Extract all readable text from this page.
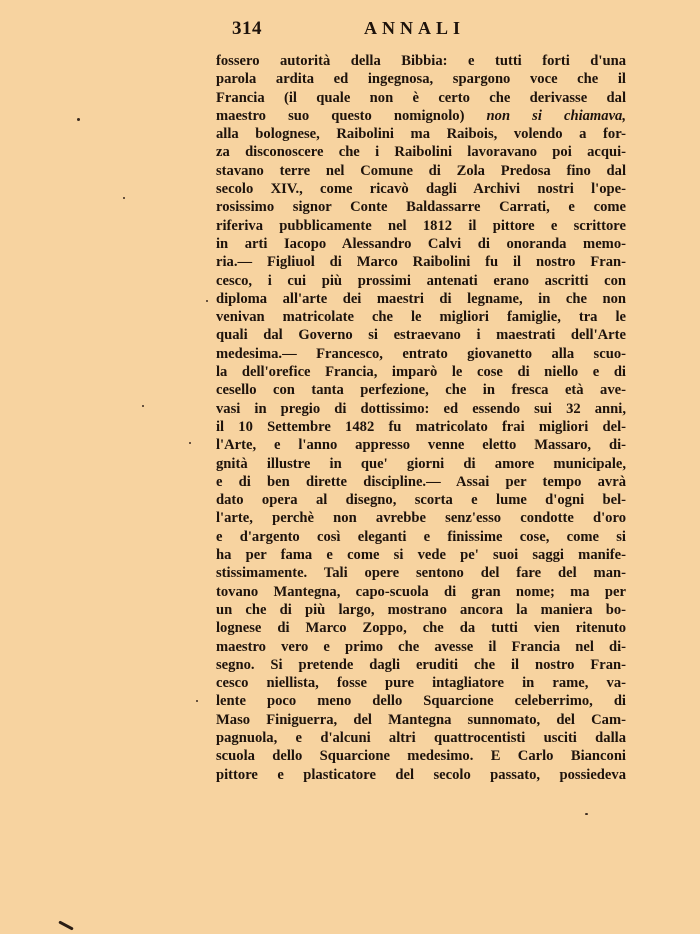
314	ANNALI
fossero autorità della Bibbia: e tutti forti d'una
parola ardita ed ingegnosa, spargono voce che il
Francia (il quale non è certo che derivasse dal
maestro suo questo nomignolo) non si chiamava,
alla bolognese, Raibolini ma Raibois, volendo a for-
za disconoscere che i Raibolini lavoravano poi acqui-
stavano terre nel Comune di Zola Predosa fino dal
secolo XIV., come ricavò dagli Archivi nostri l'ope-
rosissimo signor Conte Baldassarre Carrati, e come
riferiva pubblicamente nel 1812 il pittore e scrittore
in arti Iacopo Alessandro Calvi di onoranda memo-
ria.— Figliuol di Marco Raibolini fu il nostro Fran-
cesco, i cui più prossimi antenati erano ascritti con
diploma all'arte dei maestri di legname, in che non
venivan matricolate che le migliori famiglie, tra le
quali dal Governo si estraevano i maestrati dell'Arte
medesima.— Francesco, entrato giovanetto alla scuo-
la dell'orefice Francia, imparò le cose di niello e di
cesello con tanta perfezione, che in fresca età ave-
vasi in pregio di dottissimo: ed essendo sui 32 anni,
il 10 Settembre 1482 fu matricolato frai migliori del-
l'Arte, e l'anno appresso venne eletto Massaro, di-
gnità illustre in que' giorni di amore municipale,
e di ben dirette discipline.— Assai per tempo avrà
dato opera al disegno, scorta e lume d'ogni bel-
l'arte, perchè non avrebbe senz'esso condotte d'oro
e d'argento così eleganti e finissime cose, come si
ha per fama e come si vede pe' suoi saggi manife-
stissimamente. Tali opere sentono del fare del man-
tovano Mantegna, capo-scuola di gran nome; ma per
un che di più largo, mostrano ancora la maniera bo-
lognese di Marco Zoppo, che da tutti vien ritenuto
maestro vero e primo che avesse il Francia nel di-
segno. Si pretende dagli eruditi che il nostro Fran-
cesco niellista, fosse pure intagliatore in rame, va-
lente poco meno dello Squarcione celeberrimo, di
Maso Finiguerra, del Mantegna sunnomato, del Cam-
pagnuola, e d'alcuni altri quattrocentisti usciti dalla
scuola dello Squarcione medesimo. E Carlo Bianconi
pittore e plasticatore del secolo passato, possiedeva
